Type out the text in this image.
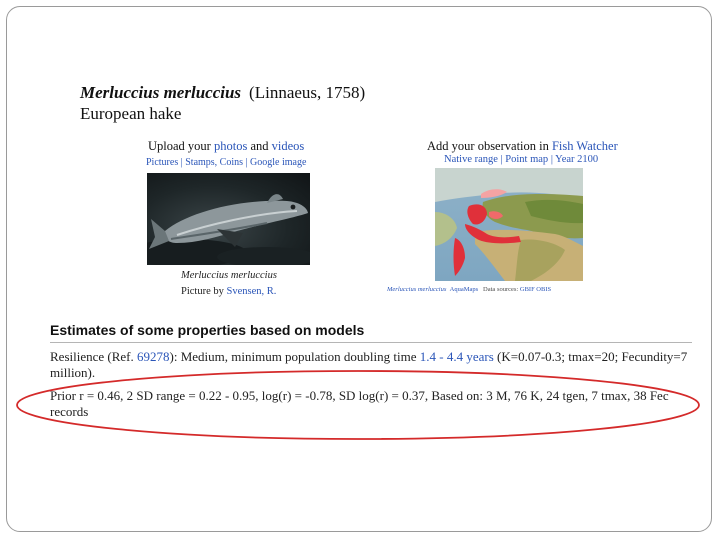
Merluccius merluccius (Linnaeus, 1758)
European hake
Upload your photos and videos
Pictures | Stamps, Coins | Google image
Merluccius merluccius
Picture by Svensen, R.
Add your observation in Fish Watcher
Native range | Point map | Year 2100
Merluccius merluccius AquaMaps Data sources: GBIF OBIS
Estimates of some properties based on models

Resilience (Ref. 69278): Medium, minimum population doubling time 1.4 - 4.4 years (K=0.07-0.3; tmax=20; Fecundity=7 million).

Prior r = 0.46, 2 SD range = 0.22 - 0.95, log(r) = -0.78, SD log(r) = 0.37, Based on: 3 M, 76 K, 24 tgen, 7 tmax, 38 Fec records
